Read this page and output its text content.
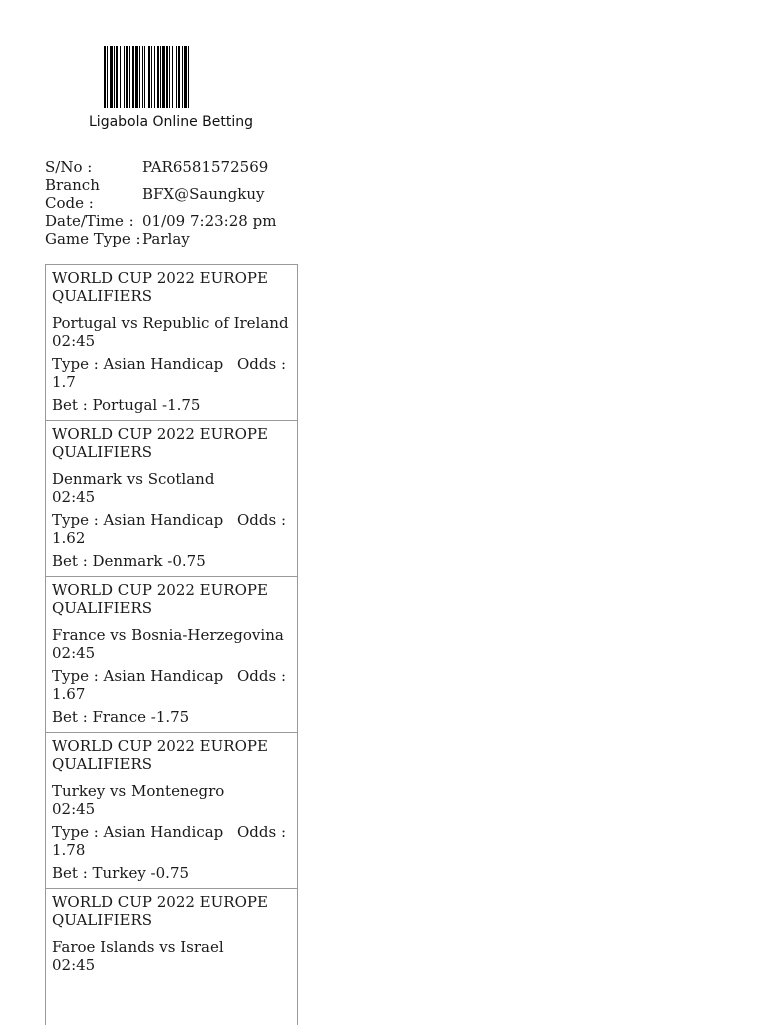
Ligabola Online Betting
S/No :	PAR6581572569
Branch Code :	BFX@Saungkuy
Date/Time : 01/09 7:23:28 pm
Game Type : Parlay
WORLD CUP 2022 EUROPE QUALIFIERS
Portugal vs Republic of Ireland
02:45
Type : Asian Handicap Odds : 1.7
Bet : Portugal -1.75
WORLD CUP 2022 EUROPE QUALIFIERS
Denmark vs Scotland
02:45
Type : Asian Handicap Odds : 1.62
Bet : Denmark -0.75
WORLD CUP 2022 EUROPE QUALIFIERS
France vs Bosnia-Herzegovina
02:45
Type : Asian Handicap Odds : 1.67
Bet : France -1.75
WORLD CUP 2022 EUROPE QUALIFIERS
Turkey vs Montenegro
02:45
Type : Asian Handicap Odds : 1.78
Bet : Turkey -0.75
WORLD CUP 2022 EUROPE QUALIFIERS
Faroe Islands vs Israel
02:45
